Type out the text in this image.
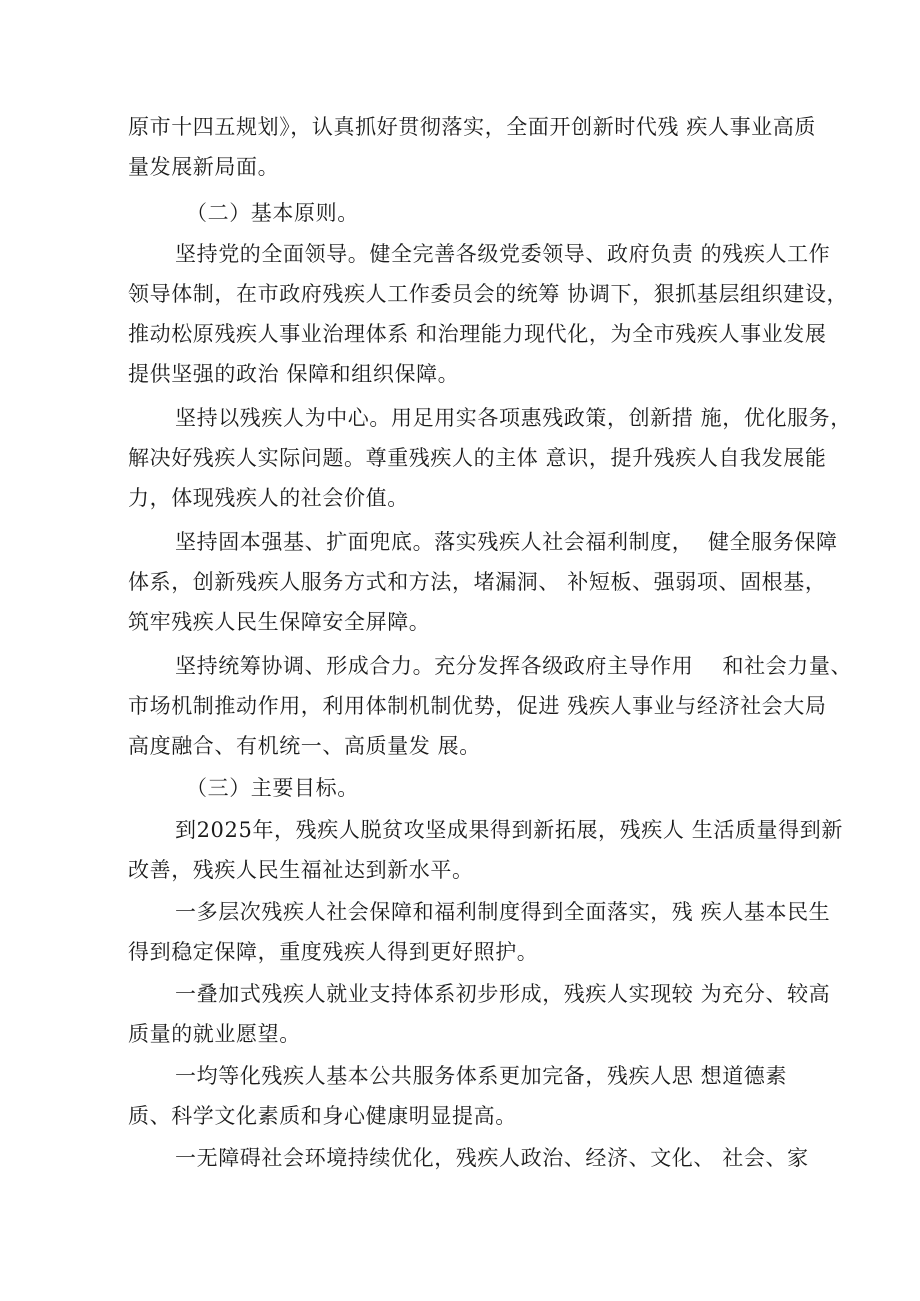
原市十四五规划》，认真抓好贯彻落实，全面开创新时代残 疾人事业高质
量发展新局面。
（二）基本原则。
坚持党的全面领导。健全完善各级党委领导、政府负责 的残疾人工作
领导体制，在市政府残疾人工作委员会的统筹 协调下，狠抓基层组织建设，
推动松原残疾人事业治理体系 和治理能力现代化，为全市残疾人事业发展
提供坚强的政治 保障和组织保障。
坚持以残疾人为中心。用足用实各项惠残政策，创新措 施，优化服务，
解决好残疾人实际问题。尊重残疾人的主体 意识，提升残疾人自我发展能
力，体现残疾人的社会价值。
坚持固本强基、扩面兜底。落实残疾人社会福利制度，  健全服务保障
体系，创新残疾人服务方式和方法，堵漏洞、 补短板、强弱项、固根基，
筑牢残疾人民生保障安全屏障。
坚持统筹协调、形成合力。充分发挥各级政府主导作用    和社会力量、
市场机制推动作用，利用体制机制优势，促进 残疾人事业与经济社会大局
高度融合、有机统一、高质量发 展。
（三）主要目标。
到2025年，残疾人脱贫攻坚成果得到新拓展，残疾人 生活质量得到新
改善，残疾人民生福祉达到新水平。
一多层次残疾人社会保障和福利制度得到全面落实，残 疾人基本民生
得到稳定保障，重度残疾人得到更好照护。
一叠加式残疾人就业支持体系初步形成，残疾人实现较 为充分、较高
质量的就业愿望。
一均等化残疾人基本公共服务体系更加完备，残疾人思 想道德素
质、科学文化素质和身心健康明显提高。
一无障碍社会环境持续优化，残疾人政治、经济、文化、 社会、家
